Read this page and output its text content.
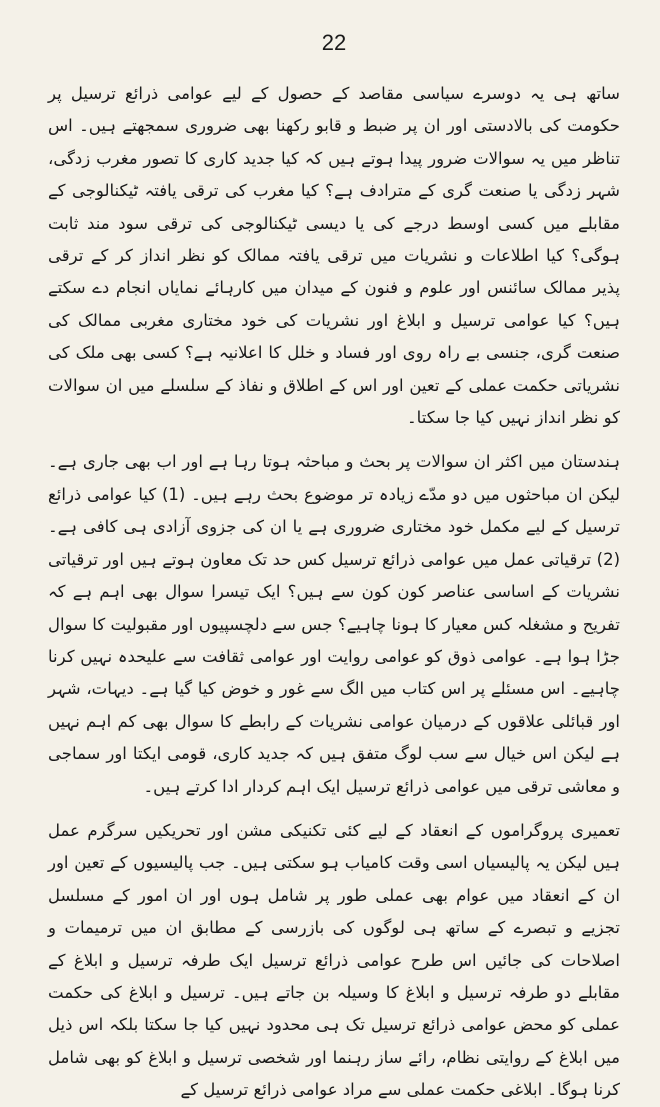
22

ساتھ ہی یہ دوسرے سیاسی مقاصد کے حصول کے لیے عوامی ذرائع ترسیل پر حکومت کی بالادستی اور ان پر ضبط و قابو رکھنا بھی ضروری سمجھتے ہیں۔ اس تناظر میں یہ سوالات ضرور پیدا ہوتے ہیں کہ کیا جدید کاری کا تصور مغرب زدگی، شہر زدگی یا صنعت گری کے مترادف ہے؟ کیا مغرب کی ترقی یافتہ ٹیکنالوجی کے مقابلے میں کسی اوسط درجے کی یا دیسی ٹیکنالوجی کی ترقی سود مند ثابت ہوگی؟ کیا اطلاعات و نشریات میں ترقی یافتہ ممالک کو نظر انداز کر کے ترقی پذیر ممالک سائنس اور علوم و فنون کے میدان میں کارہائے نمایاں انجام دے سکتے ہیں؟ کیا عوامی ترسیل و ابلاغ اور نشریات کی خود مختاری مغربی ممالک کی صنعت گری، جنسی بے راہ روی اور فساد و خلل کا اعلانیہ ہے؟ کسی بھی ملک کی نشریاتی حکمت عملی کے تعین اور اس کے اطلاق و نفاذ کے سلسلے میں ان سوالات کو نظر انداز نہیں کیا جا سکتا۔

ہندستان میں اکثر ان سوالات پر بحث و مباحثہ ہوتا رہا ہے اور اب بھی جاری ہے۔ لیکن ان مباحثوں میں دو مدّے زیادہ تر موضوع بحث رہے ہیں۔ (1) کیا عوامی ذرائع ترسیل کے لیے مکمل خود مختاری ضروری ہے یا ان کی جزوی آزادی ہی کافی ہے۔ (2) ترقیاتی عمل میں عوامی ذرائع ترسیل کس حد تک معاون ہوتے ہیں اور ترقیاتی نشریات کے اساسی عناصر کون کون سے ہیں؟ ایک تیسرا سوال بھی اہم ہے کہ تفریح و مشغلہ کس معیار کا ہونا چاہیے؟ جس سے دلچسپیوں اور مقبولیت کا سوال جڑا ہوا ہے۔ عوامی ذوق کو عوامی روایت اور عوامی ثقافت سے علیحدہ نہیں کرنا چاہیے۔ اس مسئلے پر اس کتاب میں الگ سے غور و خوض کیا گیا ہے۔ دیہات، شہر اور قبائلی علاقوں کے درمیان عوامی نشریات کے رابطے کا سوال بھی کم اہم نہیں ہے لیکن اس خیال سے سب لوگ متفق ہیں کہ جدید کاری، قومی ایکتا اور سماجی و معاشی ترقی میں عوامی ذرائع ترسیل ایک اہم کردار ادا کرتے ہیں۔

تعمیری پروگراموں کے انعقاد کے لیے کئی تکنیکی مشن اور تحریکیں سرگرم عمل ہیں لیکن یہ پالیسیاں اسی وقت کامیاب ہو سکتی ہیں۔ جب پالیسیوں کے تعین اور ان کے انعقاد میں عوام بھی عملی طور پر شامل ہوں اور ان امور کے مسلسل تجزیے و تبصرے کے ساتھ ہی لوگوں کی بازرسی کے مطابق ان میں ترمیمات و اصلاحات کی جائیں اس طرح عوامی ذرائع ترسیل ایک طرفہ ترسیل و ابلاغ کے مقابلے دو طرفہ ترسیل و ابلاغ کا وسیلہ بن جاتے ہیں۔ ترسیل و ابلاغ کی حکمت عملی کو محض عوامی ذرائع ترسیل تک ہی محدود نہیں کیا جا سکتا بلکہ اس ذیل میں ابلاغ کے روایتی نظام، رائے ساز رہنما اور شخصی ترسیل و ابلاغ کو بھی شامل کرنا ہوگا۔ ابلاغی حکمت عملی سے مراد عوامی ذرائع ترسیل کے
